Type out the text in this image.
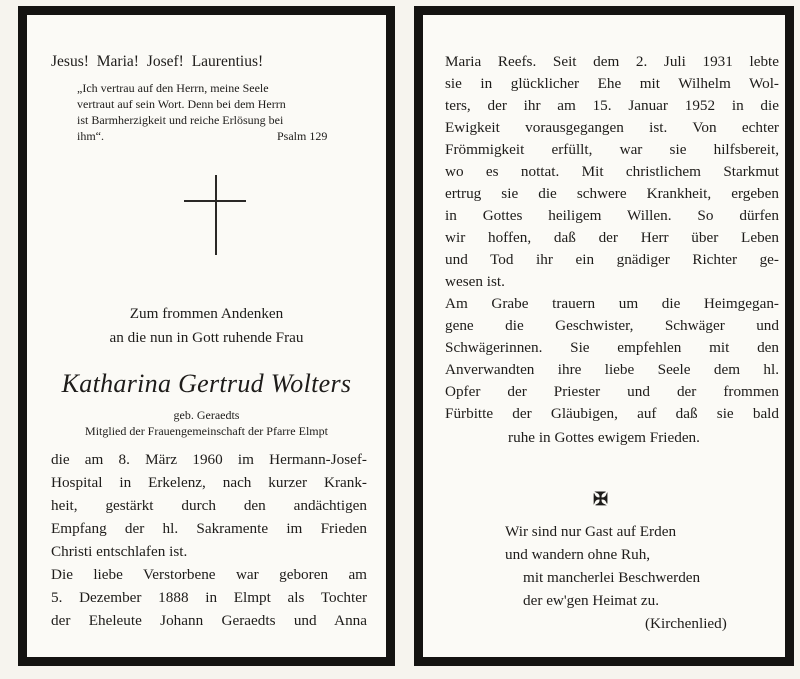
Jesus! Maria! Josef! Laurentius!
„Ich vertrau auf den Herrn, meine Seele
vertraut auf sein Wort. Denn bei dem Herrn
ist Barmherzigkeit und reiche Erlösung bei
ihm“.	Psalm 129
Zum frommen Andenken
an die nun in Gott ruhende Frau
Katharina Gertrud Wolters
geb. Geraedts
Mitglied der Frauengemeinschaft der Pfarre Elmpt
die am 8. März 1960 im Hermann-Josef-
Hospital in Erkelenz, nach kurzer Krank-
heit, gestärkt durch den andächtigen
Empfang der hl. Sakramente im Frieden
Christi entschlafen ist.
Die liebe Verstorbene war geboren am
5. Dezember 1888 in Elmpt als Tochter
der Eheleute Johann Geraedts und Anna
Maria Reefs. Seit dem 2. Juli 1931 lebte
sie in glücklicher Ehe mit Wilhelm Wol-
ters, der ihr am 15. Januar 1952 in die
Ewigkeit vorausgegangen ist. Von echter
Frömmigkeit erfüllt, war sie hilfsbereit,
wo es nottat. Mit christlichem Starkmut
ertrug sie die schwere Krankheit, ergeben
in Gottes heiligem Willen. So dürfen
wir hoffen, daß der Herr über Leben
und Tod ihr ein gnädiger Richter ge-
wesen ist.
Am Grabe trauern um die Heimgegan-
gene die Geschwister, Schwäger und
Schwägerinnen. Sie empfehlen mit den
Anverwandten ihre liebe Seele dem hl.
Opfer der Priester und der frommen
Fürbitte der Gläubigen, auf daß sie bald
ruhe in Gottes ewigem Frieden.
✠
Wir sind nur Gast auf Erden
und wandern ohne Ruh,
mit mancherlei Beschwerden
der ew'gen Heimat zu.
(Kirchenlied)
